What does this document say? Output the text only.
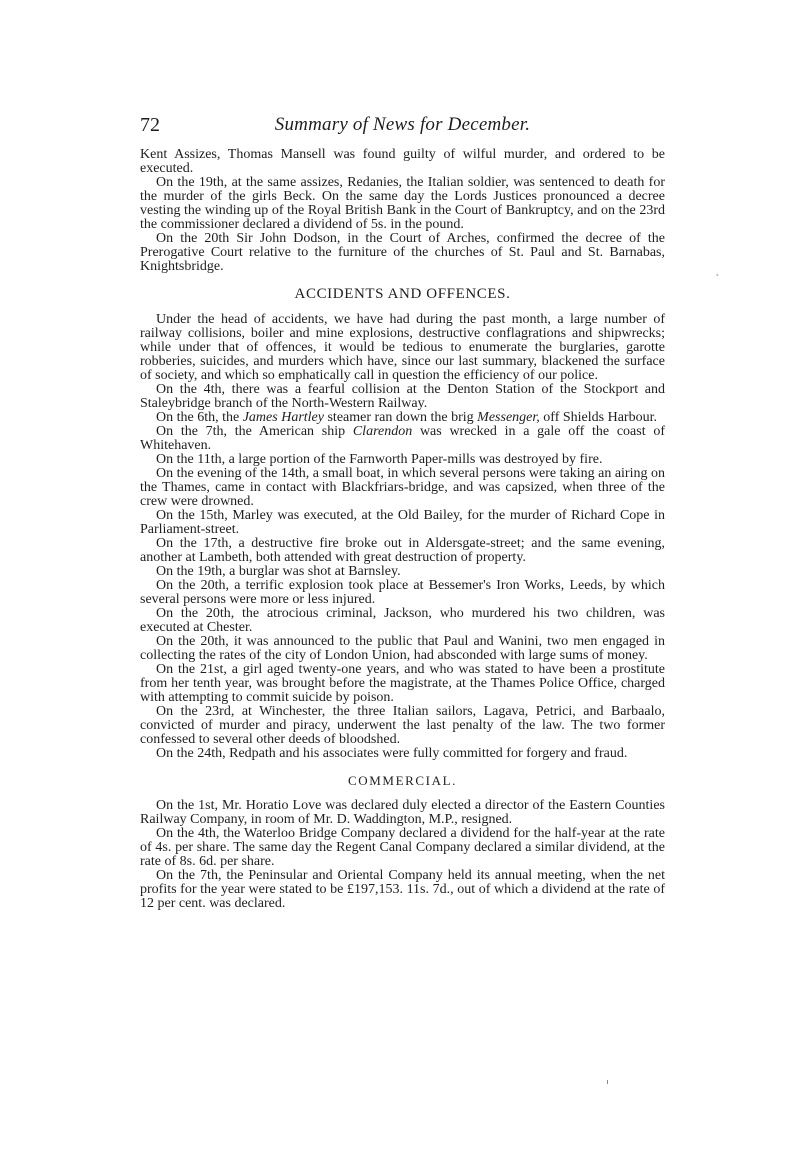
72	Summary of News for December.

Kent Assizes, Thomas Mansell was found guilty of wilful murder, and ordered to be executed.

On the 19th, at the same assizes, Redanies, the Italian soldier, was sentenced to death for the murder of the girls Beck. On the same day the Lords Justices pronounced a decree vesting the winding up of the Royal British Bank in the Court of Bankruptcy, and on the 23rd the commissioner declared a dividend of 5s. in the pound.

On the 20th Sir John Dodson, in the Court of Arches, confirmed the decree of the Prerogative Court relative to the furniture of the churches of St. Paul and St. Barnabas, Knightsbridge.

ACCIDENTS AND OFFENCES.

Under the head of accidents, we have had during the past month, a large number of railway collisions, boiler and mine explosions, destructive conflagrations and shipwrecks; while under that of offences, it would be tedious to enumerate the burglaries, garotte robberies, suicides, and murders which have, since our last summary, blackened the surface of society, and which so emphatically call in question the efficiency of our police.

On the 4th, there was a fearful collision at the Denton Station of the Stockport and Staleybridge branch of the North-Western Railway.

On the 6th, the James Hartley steamer ran down the brig Messenger, off Shields Harbour.

On the 7th, the American ship Clarendon was wrecked in a gale off the coast of Whitehaven.

On the 11th, a large portion of the Farnworth Paper-mills was destroyed by fire.

On the evening of the 14th, a small boat, in which several persons were taking an airing on the Thames, came in contact with Blackfriars-bridge, and was capsized, when three of the crew were drowned.

On the 15th, Marley was executed, at the Old Bailey, for the murder of Richard Cope in Parliament-street.

On the 17th, a destructive fire broke out in Aldersgate-street; and the same evening, another at Lambeth, both attended with great destruction of property.

On the 19th, a burglar was shot at Barnsley.

On the 20th, a terrific explosion took place at Bessemer's Iron Works, Leeds, by which several persons were more or less injured.

On the 20th, the atrocious criminal, Jackson, who murdered his two children, was executed at Chester.

On the 20th, it was announced to the public that Paul and Wanini, two men engaged in collecting the rates of the city of London Union, had absconded with large sums of money.

On the 21st, a girl aged twenty-one years, and who was stated to have been a prostitute from her tenth year, was brought before the magistrate, at the Thames Police Office, charged with attempting to commit suicide by poison.

On the 23rd, at Winchester, the three Italian sailors, Lagava, Petrici, and Barbaalo, convicted of murder and piracy, underwent the last penalty of the law. The two former confessed to several other deeds of bloodshed.

On the 24th, Redpath and his associates were fully committed for forgery and fraud.

COMMERCIAL.

On the 1st, Mr. Horatio Love was declared duly elected a director of the Eastern Counties Railway Company, in room of Mr. D. Waddington, M.P., resigned.

On the 4th, the Waterloo Bridge Company declared a dividend for the half-year at the rate of 4s. per share. The same day the Regent Canal Company declared a similar dividend, at the rate of 8s. 6d. per share.

On the 7th, the Peninsular and Oriental Company held its annual meeting, when the net profits for the year were stated to be £197,153. 11s. 7d., out of which a dividend at the rate of 12 per cent. was declared.

˛
